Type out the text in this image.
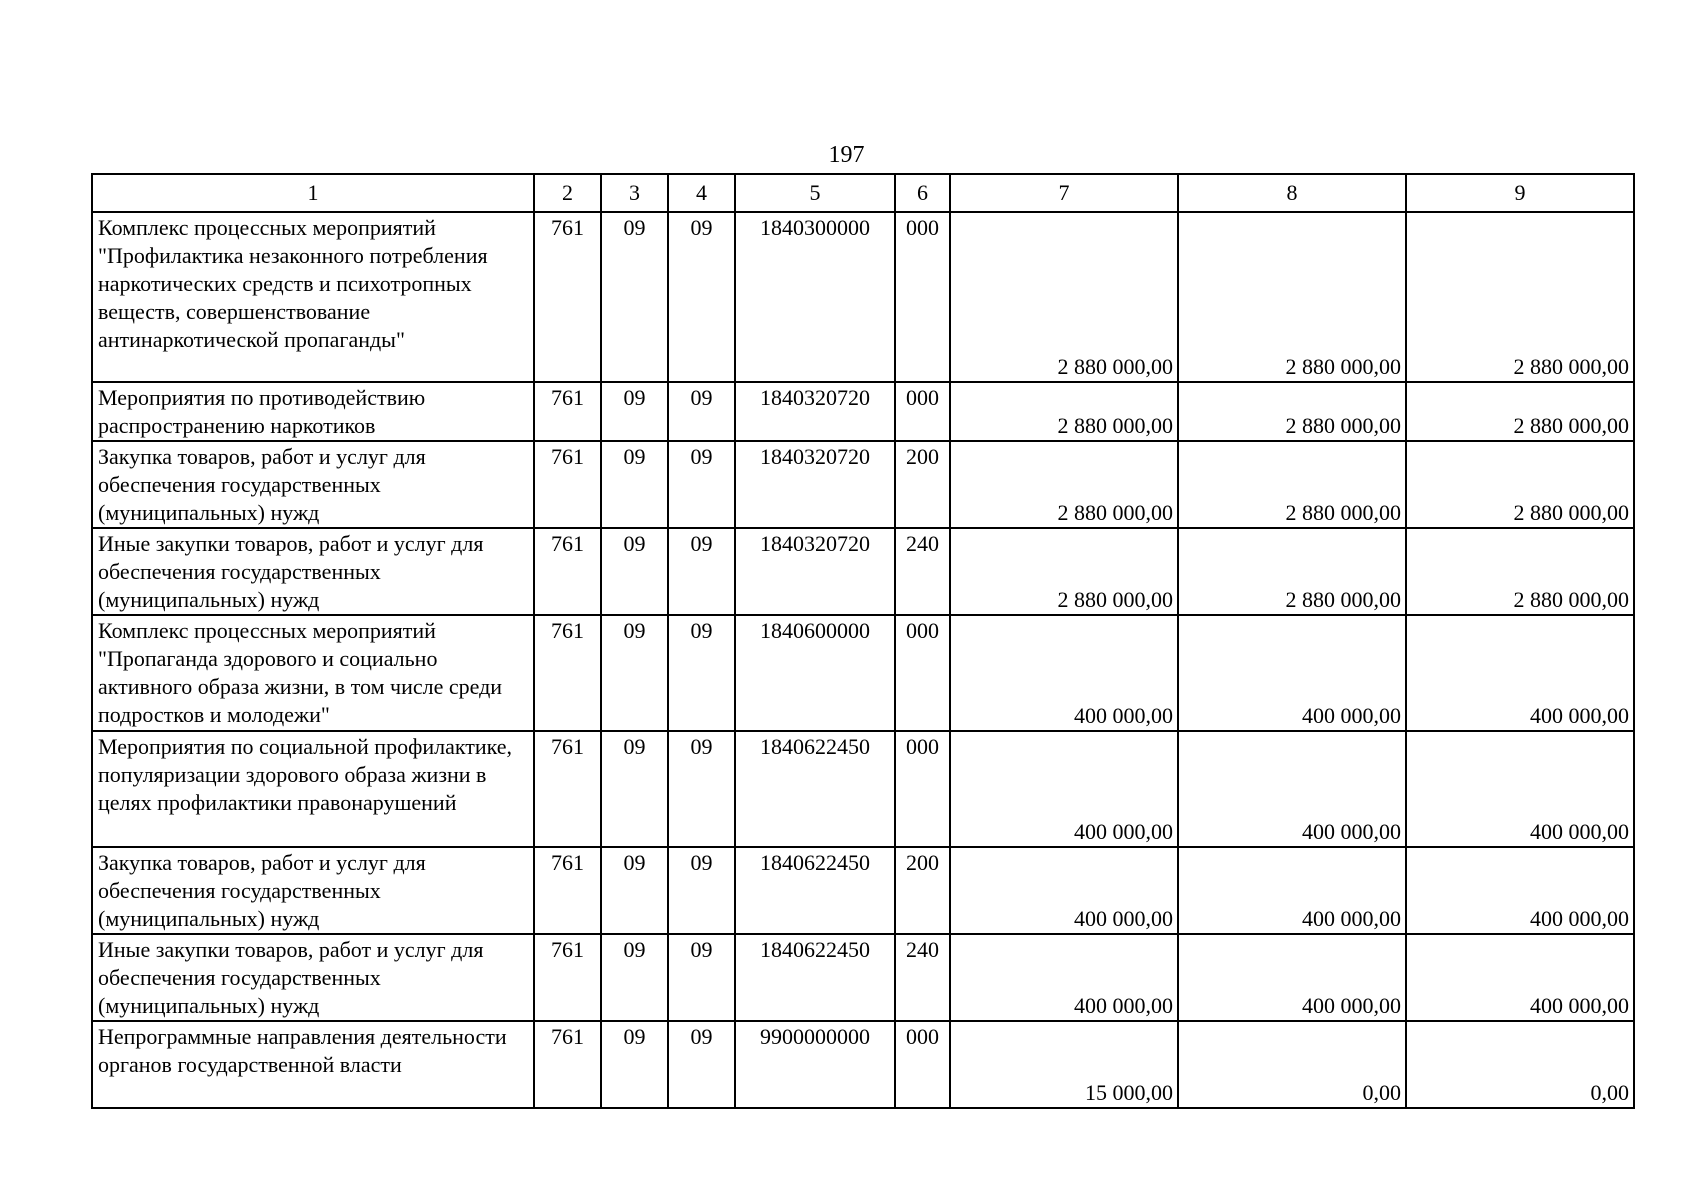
197
1	2	3	4	5	6	7	8	9
Комплекс процессных мероприятий "Профилактика незаконного потребления наркотических средств и психотропных веществ, совершенствование антинаркотической пропаганды"	761	09	09	1840300000	000	2 880 000,00	2 880 000,00	2 880 000,00
Мероприятия по противодействию распространению наркотиков	761	09	09	1840320720	000	2 880 000,00	2 880 000,00	2 880 000,00
Закупка товаров, работ и услуг для обеспечения государственных (муниципальных) нужд	761	09	09	1840320720	200	2 880 000,00	2 880 000,00	2 880 000,00
Иные закупки товаров, работ и услуг для обеспечения государственных (муниципальных) нужд	761	09	09	1840320720	240	2 880 000,00	2 880 000,00	2 880 000,00
Комплекс процессных мероприятий "Пропаганда здорового и социально активного образа жизни, в том числе среди подростков и молодежи"	761	09	09	1840600000	000	400 000,00	400 000,00	400 000,00
Мероприятия по социальной профилактике, популяризации здорового образа жизни в целях профилактики правонарушений	761	09	09	1840622450	000	400 000,00	400 000,00	400 000,00
Закупка товаров, работ и услуг для обеспечения государственных (муниципальных) нужд	761	09	09	1840622450	200	400 000,00	400 000,00	400 000,00
Иные закупки товаров, работ и услуг для обеспечения государственных (муниципальных) нужд	761	09	09	1840622450	240	400 000,00	400 000,00	400 000,00
Непрограммные направления деятельности органов государственной власти	761	09	09	9900000000	000	15 000,00	0,00	0,00
